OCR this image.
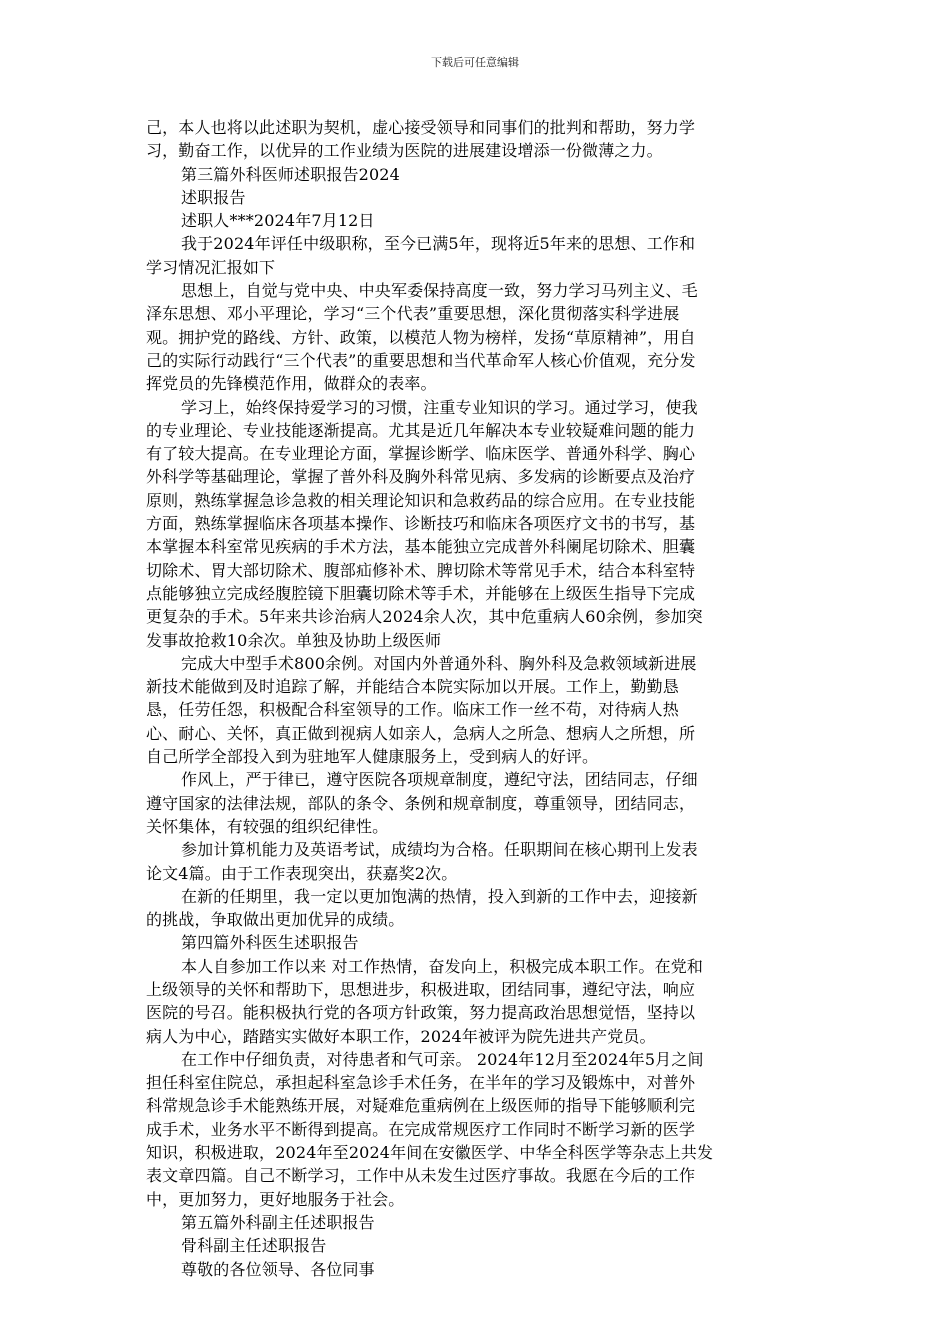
下载后可任意编辑
己，本人也将以此述职为契机，虚心接受领导和同事们的批判和帮助，努力学
习，勤奋工作，以优异的工作业绩为医院的进展建设增添一份微薄之力。
第三篇外科医师述职报告2024
述职报告
述职人***2024年7月12日
我于2024年评任中级职称，至今已满5年，现将近5年来的思想、工作和
学习情况汇报如下
思想上，自觉与党中央、中央军委保持高度一致，努力学习马列主义、毛
泽东思想、邓小平理论，学习“三个代表”重要思想，深化贯彻落实科学进展
观。拥护党的路线、方针、政策，以模范人物为榜样，发扬“草原精神”，用自
己的实际行动践行“三个代表”的重要思想和当代革命军人核心价值观，充分发
挥党员的先锋模范作用，做群众的表率。
学习上，始终保持爱学习的习惯，注重专业知识的学习。通过学习，使我
的专业理论、专业技能逐渐提高。尤其是近几年解决本专业较疑难问题的能力
有了较大提高。在专业理论方面，掌握诊断学、临床医学、普通外科学、胸心
外科学等基础理论，掌握了普外科及胸外科常见病、多发病的诊断要点及治疗
原则，熟练掌握急诊急救的相关理论知识和急救药品的综合应用。在专业技能
方面，熟练掌握临床各项基本操作、诊断技巧和临床各项医疗文书的书写，基
本掌握本科室常见疾病的手术方法，基本能独立完成普外科阑尾切除术、胆囊
切除术、胃大部切除术、腹部疝修补术、脾切除术等常见手术，结合本科室特
点能够独立完成经腹腔镜下胆囊切除术等手术，并能够在上级医生指导下完成
更复杂的手术。5年来共诊治病人2024余人次，其中危重病人60余例，参加突
发事故抢救10余次。单独及协助上级医师
完成大中型手术800余例。对国内外普通外科、胸外科及急救领域新进展
新技术能做到及时追踪了解，并能结合本院实际加以开展。工作上，勤勤恳
恳，任劳任怨，积极配合科室领导的工作。临床工作一丝不苟，对待病人热
心、耐心、关怀，真正做到视病人如亲人，急病人之所急、想病人之所想，所
自己所学全部投入到为驻地军人健康服务上，受到病人的好评。
作风上，严于律已，遵守医院各项规章制度，遵纪守法，团结同志，仔细
遵守国家的法律法规，部队的条令、条例和规章制度，尊重领导，团结同志，
关怀集体，有较强的组织纪律性。
参加计算机能力及英语考试，成绩均为合格。任职期间在核心期刊上发表
论文4篇。由于工作表现突出，获嘉奖2次。
在新的任期里，我一定以更加饱满的热情，投入到新的工作中去，迎接新
的挑战，争取做出更加优异的成绩。
第四篇外科医生述职报告
本人自参加工作以来 对工作热情，奋发向上，积极完成本职工作。在党和
上级领导的关怀和帮助下，思想进步，积极进取，团结同事，遵纪守法，响应
医院的号召。能积极执行党的各项方针政策，努力提高政治思想觉悟，坚持以
病人为中心，踏踏实实做好本职工作，2024年被评为院先进共产党员。
在工作中仔细负责，对待患者和气可亲。 2024年12月至2024年5月之间
担任科室住院总，承担起科室急诊手术任务，在半年的学习及锻炼中，对普外
科常规急诊手术能熟练开展，对疑难危重病例在上级医师的指导下能够顺利完
成手术，业务水平不断得到提高。在完成常规医疗工作同时不断学习新的医学
知识，积极进取，2024年至2024年间在安徽医学、中华全科医学等杂志上共发
表文章四篇。自己不断学习，工作中从未发生过医疗事故。我愿在今后的工作
中，更加努力，更好地服务于社会。
第五篇外科副主任述职报告
骨科副主任述职报告
尊敬的各位领导、各位同事
